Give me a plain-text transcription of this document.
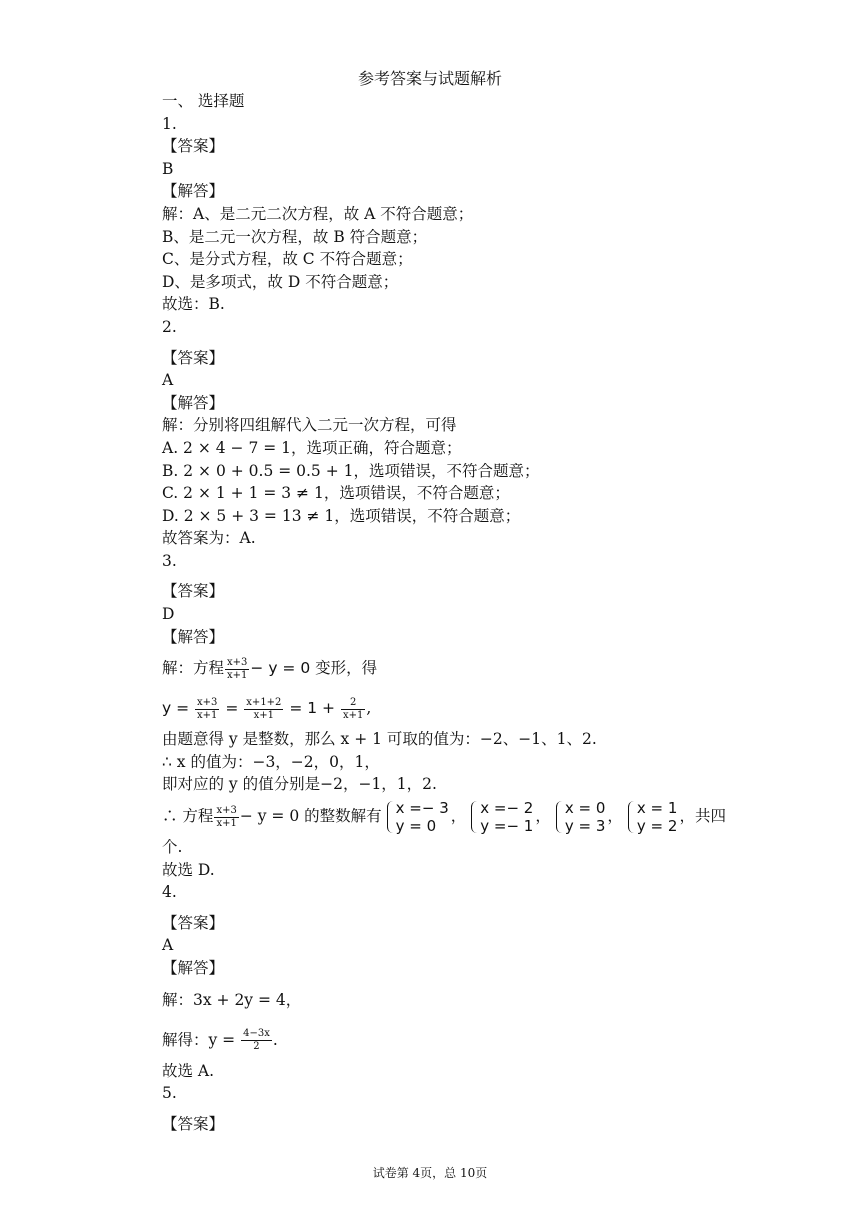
参考答案与试题解析
一、 选择题
1.
【答案】
B
【解答】
解：A、是二元二次方程，故 A 不符合题意；
B、是二元一次方程，故 B 符合题意；
C、是分式方程，故 C 不符合题意；
D、是多项式，故 D 不符合题意；
故选：B.
2.
【答案】
A
【解答】
解：分别将四组解代入二元一次方程，可得
A. 2 × 4 − 7 = 1，选项正确，符合题意；
B. 2 × 0 + 0.5 = 0.5 + 1，选项错误，不符合题意；
C. 2 × 1 + 1 = 3 ≠ 1，选项错误，不符合题意；
D. 2 × 5 + 3 = 13 ≠ 1，选项错误，不符合题意；
故答案为：A.
3.
【答案】
D
【解答】
解：方程 $\frac{x+3}{x+1} - y = 0$ 变形，得
$y = \frac{x+3}{x+1} = \frac{x+1+2}{x+1} = 1 + \frac{2}{x+1}$ ,
由题意得 y 是整数，那么 x + 1 可取的值为：−2、−1、1、2.
∴ x 的值为：−3，−2，0，1，
即对应的 y 的值分别是−2，−1，1，2.
∴ 方程 $\frac{x+3}{x+1} - y = 0$ 的整数解有 x =− 3
y = 0
， x =− 2
y =− 1
， x = 0
y = 3
， x = 1
y = 2
，共四
个.
故选 D.
4.
【答案】
A
【解答】
解：3x + 2y = 4，
解得：$y = \frac{4-3x}{2}$ .
故选 A.
5.
【答案】
试卷第 4页，总 10页
